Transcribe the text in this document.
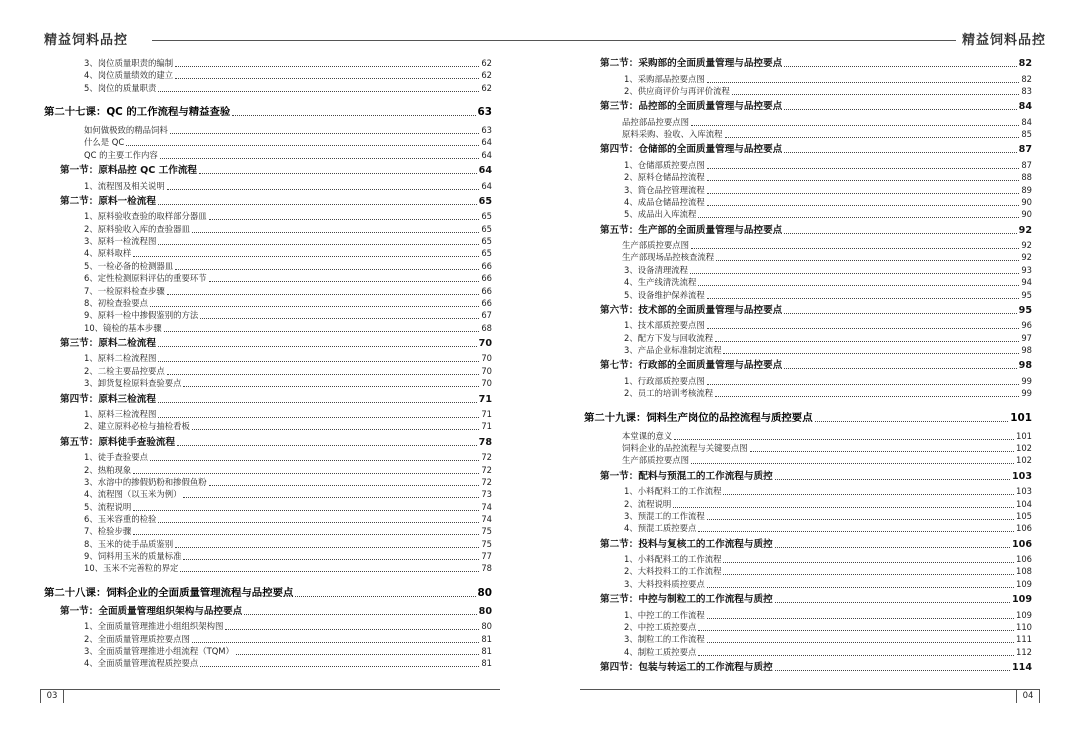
精益饲料品控	精益饲料品控
3、岗位质量职责的编制	62
4、岗位质量绩效的建立	62
5、岗位的质量职责	62
第二十七课：QC 的工作流程与精益查验	63
如何做极致的精品饲料	63
什么是 QC	64
QC 的主要工作内容	64
第一节：原料品控 QC 工作流程	64
1、流程图及相关说明	64
第二节：原料一检流程	65
1、原料验收查验的取样部分器皿	65
2、原料验收入库的查验器皿	65
3、原料一检流程图	65
4、原料取样	65
5、一检必备的检测器皿	66
6、定性检测原料评估的重要环节	66
7、一检原料检查步骤	66
8、初检查验要点	66
9、原料一检中掺假鉴别的方法	67
10、镜检的基本步骤	68
第三节：原料二检流程	70
1、原料二检流程图	70
2、二检主要品控要点	70
3、卸货复检原料查验要点	70
第四节：原料三检流程	71
1、原料三检流程图	71
2、建立原料必检与抽检看板	71
第五节：原料徒手查验流程	78
1、徒手查验要点	72
2、热粕现象	72
3、水溶中的掺假奶粉和掺假鱼粉	72
4、流程图（以玉米为例）	73
5、流程说明	74
6、玉米容重的检验	74
7、检验步骤	75
8、玉米的徒手品质鉴别	75
9、饲料用玉米的质量标准	77
10、玉米不完善粒的界定	78
第二十八课：饲料企业的全面质量管理流程与品控要点	80
第一节：全面质量管理组织架构与品控要点	80
1、全面质量管理推进小组组织架构图	80
2、全面质量管理质控要点图	81
3、全面质量管理推进小组流程（TQM）	81
4、全面质量管理流程质控要点	81
第二节：采购部的全面质量管理与品控要点	82
1、采购部品控要点图	82
2、供应商评价与再评价流程	83
第三节：品控部的全面质量管理与品控要点	84
品控部品控要点图	84
原料采购、验收、入库流程	85
第四节：仓储部的全面质量管理与品控要点	87
1、仓储部质控要点图	87
2、原料仓储品控流程	88
3、筒仓品控管理流程	89
4、成品仓储品控流程	90
5、成品出入库流程	90
第五节：生产部的全面质量管理与品控要点	92
生产部质控要点图	92
生产部现场品控核查流程	92
3、设备清理流程	93
4、生产线清洗流程	94
5、设备维护保养流程	95
第六节：技术部的全面质量管理与品控要点	95
1、技术部质控要点图	96
2、配方下发与回收流程	97
3、产品企业标准制定流程	98
第七节：行政部的全面质量管理与品控要点	98
1、行政部质控要点图	99
2、员工的培训考核流程	99
第二十九课：饲料生产岗位的品控流程与质控要点	101
本堂课的意义	101
饲料企业的品控流程与关键要点图	102
生产部质控要点图	102
第一节：配料与预混工的工作流程与质控	103
1、小料配料工的工作流程	103
2、流程说明	104
3、预混工的工作流程	105
4、预混工质控要点	106
第二节：投料与复核工的工作流程与质控	106
1、小料配料工的工作流程	106
2、大料投料工的工作流程	108
3、大料投料质控要点	109
第三节：中控与制粒工的工作流程与质控	109
1、中控工的工作流程	109
2、中控工质控要点	110
3、制粒工的工作流程	111
4、制粒工质控要点	112
第四节：包装与转运工的工作流程与质控	114
03	04
